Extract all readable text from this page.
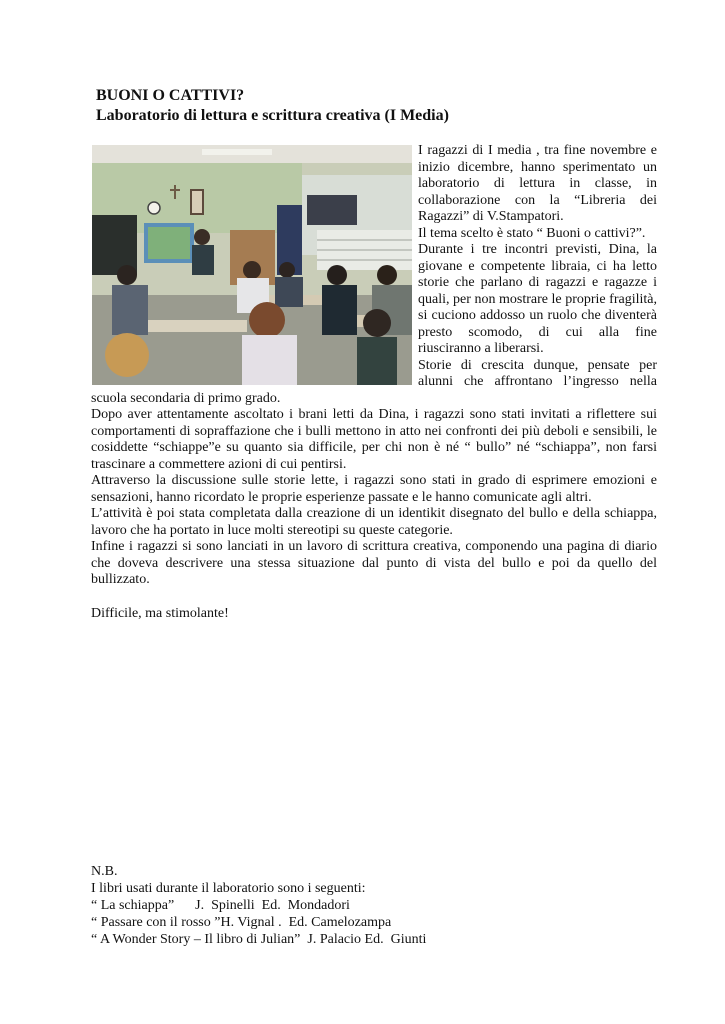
BUONI O CATTIVI?
Laboratorio di lettura e scrittura creativa (I Media)

I ragazzi di I media , tra fine novembre e inizio dicembre, hanno sperimentato un laboratorio di lettura in classe, in collaborazione con la “Libreria dei Ragazzi” di V.Stampatori.

Il tema scelto è stato “ Buoni o cattivi?”.

Durante i tre incontri previsti, Dina, la giovane e competente libraia, ci ha letto storie che parlano di ragazzi e ragazze i quali, per non mostrare le proprie fragilità, si cuciono addosso un ruolo che diventerà presto scomodo, di cui alla fine riusciranno a liberarsi.

Storie di crescita dunque, pensate per alunni che affrontano l’ingresso nella scuola secondaria di primo grado.

Dopo aver attentamente ascoltato i brani letti da Dina, i ragazzi sono stati invitati a riflettere sui comportamenti di sopraffazione che i bulli mettono in atto nei confronti dei più deboli e sensibili, le cosiddette “schiappe”e su quanto sia difficile, per chi non è né “ bullo” né “schiappa”, non farsi trascinare a commettere azioni di cui pentirsi.

Attraverso la discussione sulle storie lette, i ragazzi sono stati in grado di esprimere emozioni e sensazioni, hanno ricordato le proprie esperienze passate e le hanno comunicate agli altri.

L’attività è poi stata completata dalla creazione di un identikit disegnato del bullo e della schiappa, lavoro che ha portato in luce molti stereotipi su queste categorie.

Infine i ragazzi si sono lanciati in un lavoro di scrittura creativa, componendo una pagina di diario che doveva descrivere una stessa situazione dal punto di vista del bullo e poi da quello del bullizzato.

Difficile, ma stimolante!

N.B.

I libri usati durante il laboratorio sono i seguenti:

“ La schiappa”      J.  Spinelli  Ed.  Mondadori

“ Passare con il rosso ”H. Vignal .  Ed. Camelozampa

“ A Wonder Story – Il libro di Julian”  J. Palacio Ed.  Giunti
